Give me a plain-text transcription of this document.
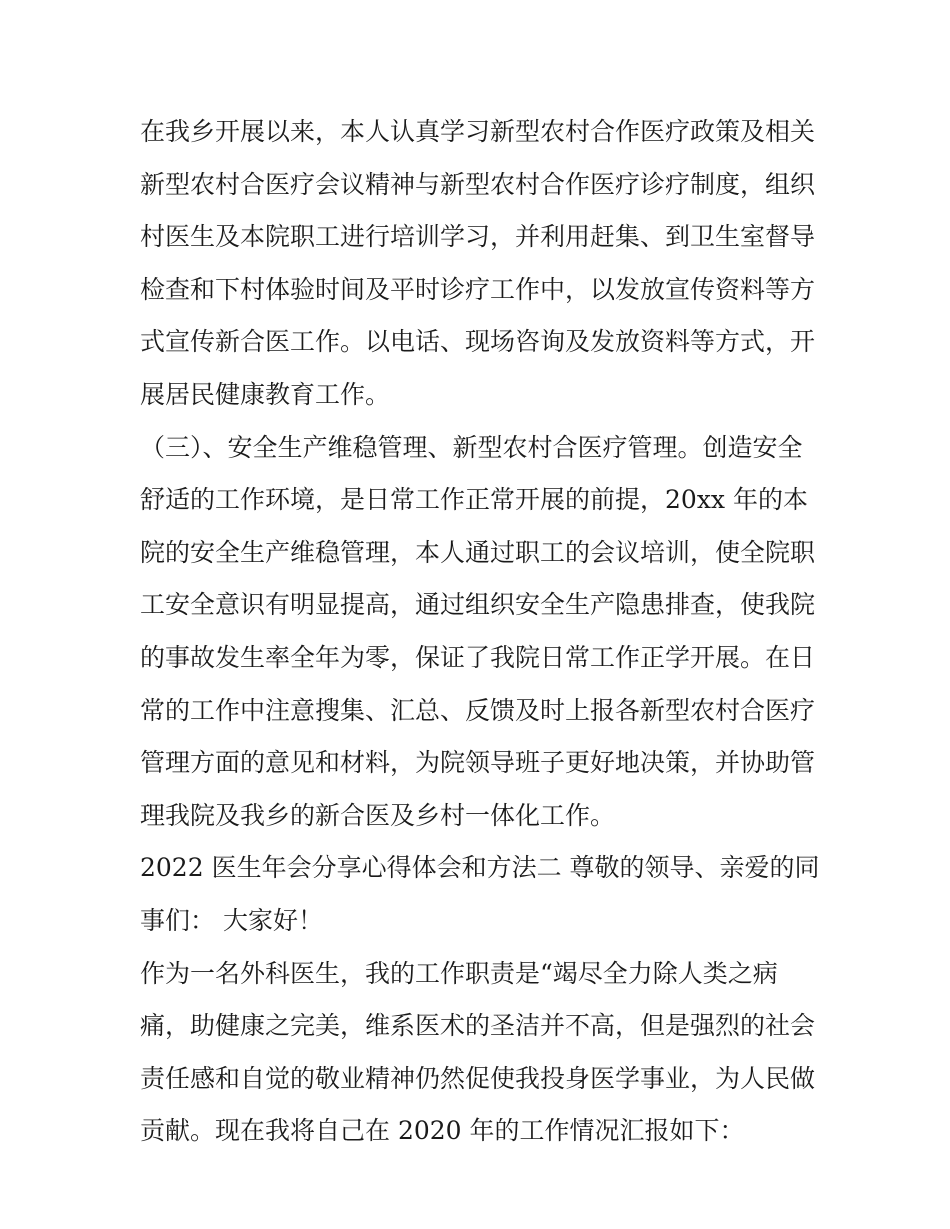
在我乡开展以来，本人认真学习新型农村合作医疗政策及相关
新型农村合医疗会议精神与新型农村合作医疗诊疗制度，组织
村医生及本院职工进行培训学习，并利用赶集、到卫生室督导
检查和下村体验时间及平时诊疗工作中，以发放宣传资料等方
式宣传新合医工作。以电话、现场咨询及发放资料等方式，开
展居民健康教育工作。
（三）、安全生产维稳管理、新型农村合医疗管理。创造安全
舒适的工作环境，是日常工作正常开展的前提，20xx 年的本
院的安全生产维稳管理，本人通过职工的会议培训，使全院职
工安全意识有明显提高，通过组织安全生产隐患排查，使我院
的事故发生率全年为零，保证了我院日常工作正学开展。在日
常的工作中注意搜集、汇总、反馈及时上报各新型农村合医疗
管理方面的意见和材料，为院领导班子更好地决策，并协助管
理我院及我乡的新合医及乡村一体化工作。
2022 医生年会分享心得体会和方法二 尊敬的领导、亲爱的同
事们： 大家好！
作为一名外科医生，我的工作职责是“竭尽全力除人类之病
痛，助健康之完美，维系医术的圣洁并不高，但是强烈的社会
责任感和自觉的敬业精神仍然促使我投身医学事业，为人民做
贡献。现在我将自己在 2020 年的工作情况汇报如下：
